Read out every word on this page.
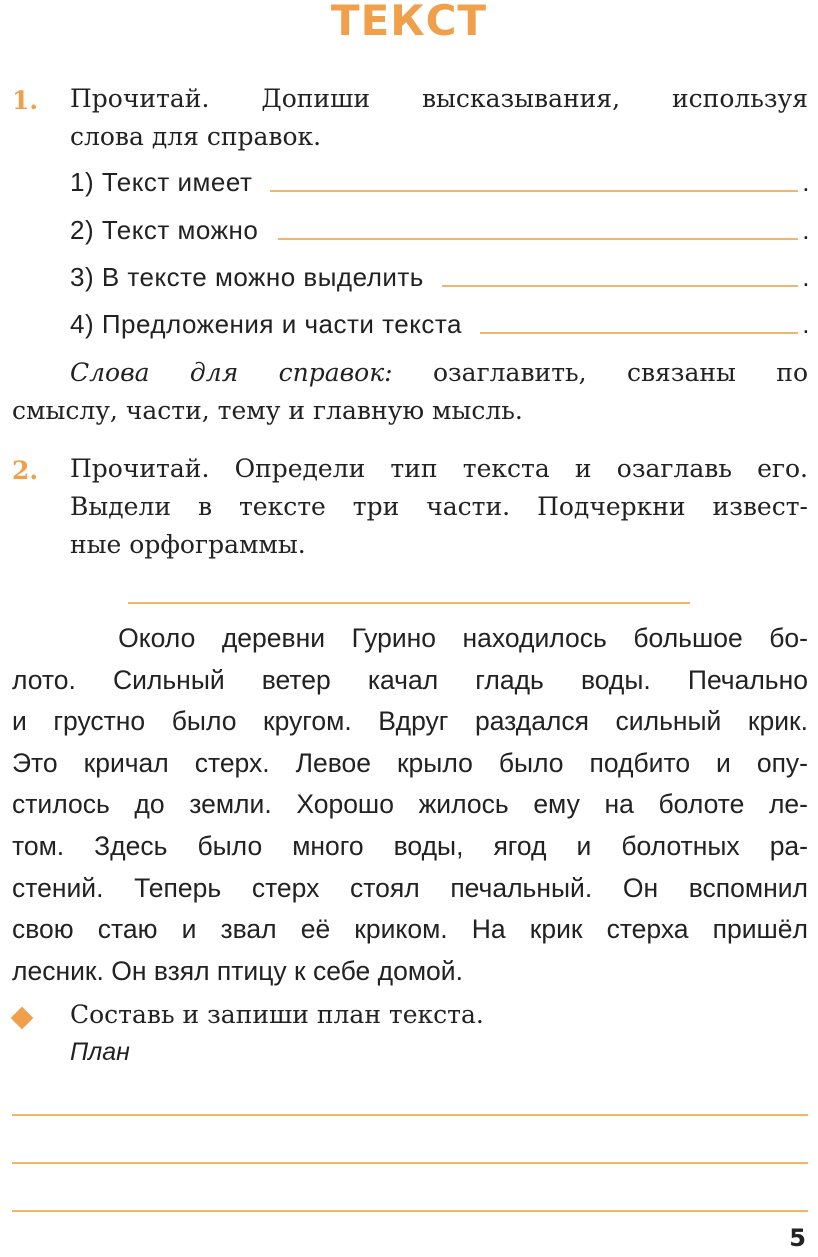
ТЕКСТ
1. Прочитай. Допиши высказывания, используя
слова для справок.
1) Текст имеет	.
2) Текст можно	.
3) В тексте можно выделить	.
4) Предложения и части текста	.
Слова для справок: озаглавить, связаны по
смыслу, части, тему и главную мысль.
2. Прочитай. Определи тип текста и озаглавь его.
Выдели в тексте три части. Подчеркни извест-
ные орфограммы.
Около деревни Гурино находилось большое бо-
лото. Сильный ветер качал гладь воды. Печально
и грустно было кругом. Вдруг раздался сильный крик.
Это кричал стерх. Левое крыло было подбито и опу-
стилось до земли. Хорошо жилось ему на болоте ле-
том. Здесь было много воды, ягод и болотных ра-
стений. Теперь стерх стоял печальный. Он вспомнил
свою стаю и звал её криком. На крик стерха пришёл
лесник. Он взял птицу к себе домой.
Составь и запиши план текста.
План
5
